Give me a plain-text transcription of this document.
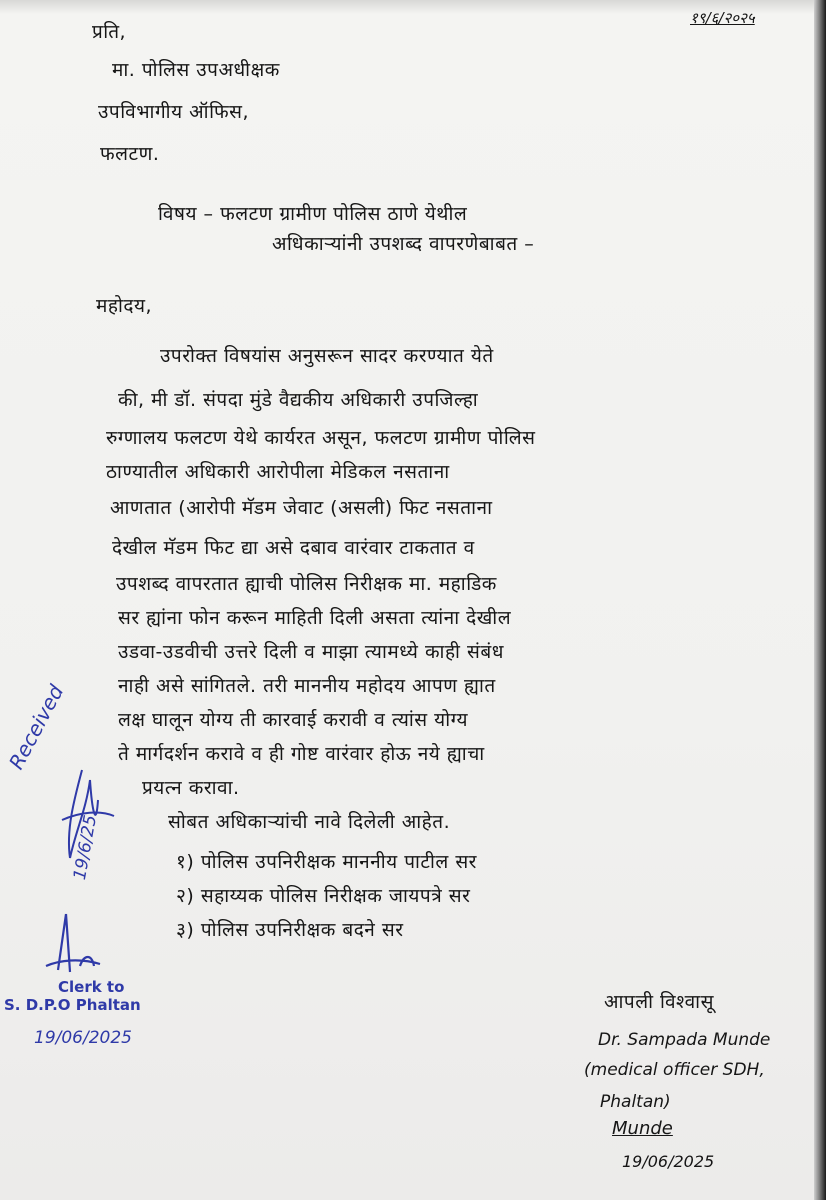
१९/६/२०२५
प्रति,
मा. पोलिस उपअधीक्षक
उपविभागीय ऑफिस,
फलटण.
विषय – फलटण ग्रामीण पोलिस ठाणे येथील
अधिकाऱ्यांनी उपशब्द वापरणेबाबत –
महोदय,
उपरोक्त विषयांस अनुसरून सादर करण्यात येते
की, मी डॉ. संपदा मुंडे वैद्यकीय अधिकारी उपजिल्हा
रुग्णालय फलटण येथे कार्यरत असून, फलटण ग्रामीण पोलिस
ठाण्यातील अधिकारी आरोपीला मेडिकल नसताना
आणतात (आरोपी मॅडम जेवाट (असली) फिट नसताना
देखील मॅडम फिट द्या असे दबाव वारंवार टाकतात व
उपशब्द वापरतात ह्याची पोलिस निरीक्षक मा. महाडिक
सर ह्यांना फोन करून माहिती दिली असता त्यांना देखील
उडवा-उडवीची उत्तरे दिली व माझा त्यामध्ये काही संबंध
नाही असे सांगितले. तरी माननीय महोदय आपण ह्यात
लक्ष घालून योग्य ती कारवाई करावी व त्यांस योग्य
ते मार्गदर्शन करावे व ही गोष्ट वारंवार होऊ नये ह्याचा
प्रयत्न करावा.
सोबत अधिकाऱ्यांची नावे दिलेली आहेत.
१) पोलिस उपनिरीक्षक माननीय पाटील सर
२) सहाय्यक पोलिस निरीक्षक जायपत्रे सर
३) पोलिस उपनिरीक्षक बदने सर
आपली विश्वासू
Dr. Sampada Munde
(medical officer SDH,
Phaltan)
Munde
19/06/2025
Received
19/6/25
Clerk to
S. D.P.O Phaltan
19/06/2025
